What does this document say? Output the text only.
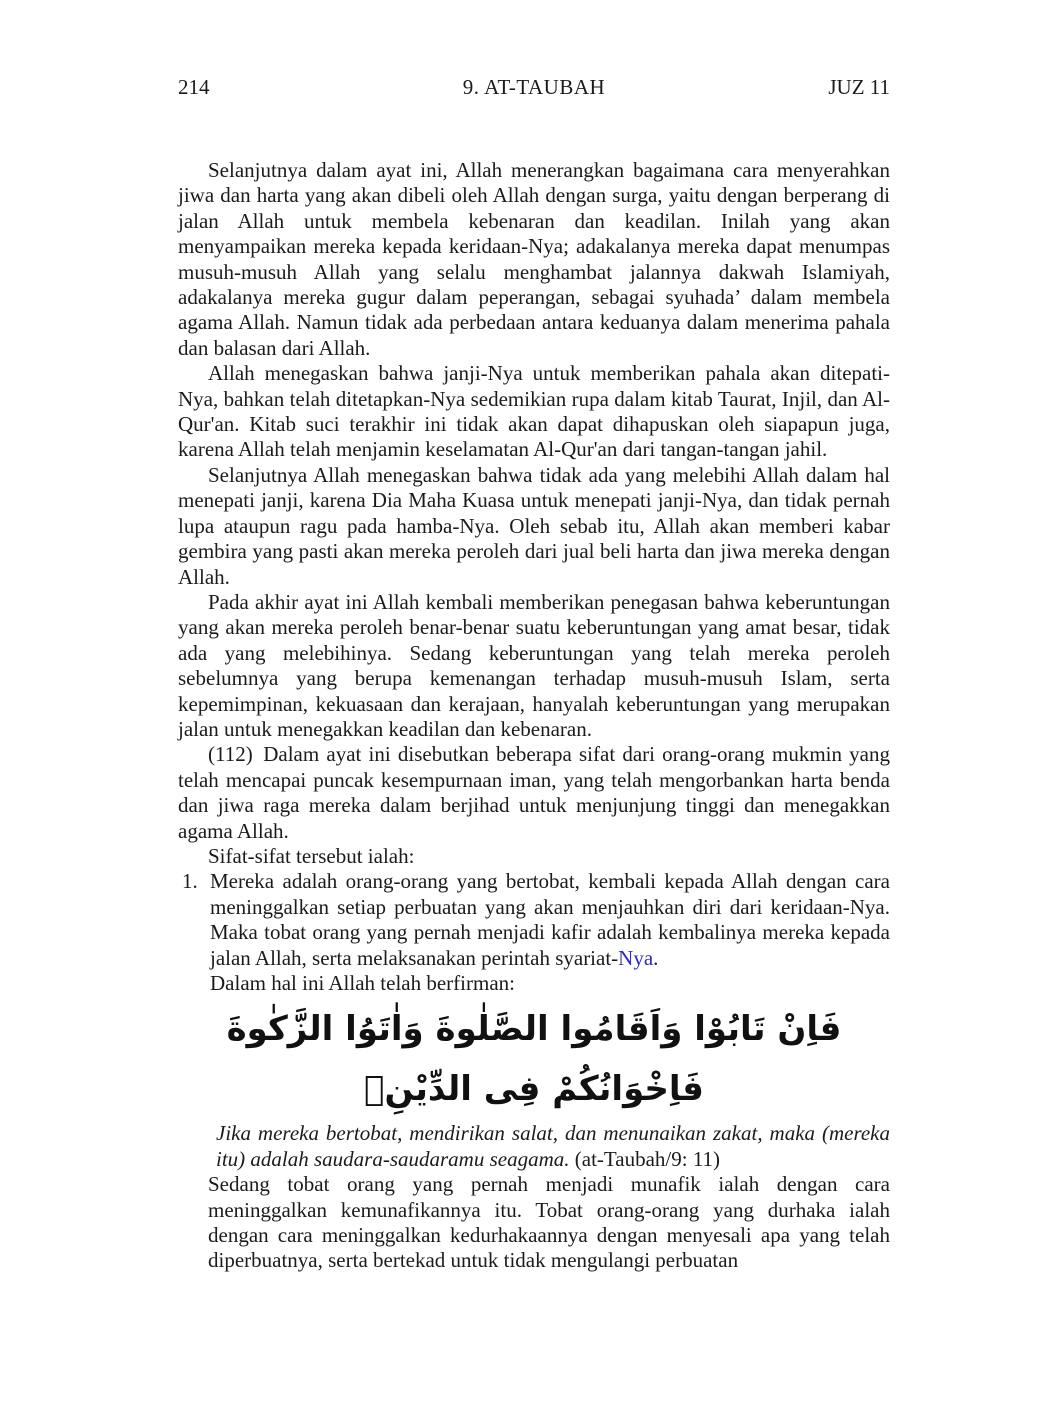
214	9. AT-TAUBAH	JUZ 11

Selanjutnya dalam ayat ini, Allah menerangkan bagaimana cara menyerahkan jiwa dan harta yang akan dibeli oleh Allah dengan surga, yaitu dengan berperang di jalan Allah untuk membela kebenaran dan keadilan. Inilah yang akan menyampaikan mereka kepada keridaan-Nya; adakalanya mereka dapat menumpas musuh-musuh Allah yang selalu menghambat jalannya dakwah Islamiyah, adakalanya mereka gugur dalam peperangan, sebagai syuhada’ dalam membela agama Allah. Namun tidak ada perbedaan antara keduanya dalam menerima pahala dan balasan dari Allah.

Allah menegaskan bahwa janji-Nya untuk memberikan pahala akan ditepati-Nya, bahkan telah ditetapkan-Nya sedemikian rupa dalam kitab Taurat, Injil, dan Al-Qur'an. Kitab suci terakhir ini tidak akan dapat dihapuskan oleh siapapun juga, karena Allah telah menjamin keselamatan Al-Qur'an dari tangan-tangan jahil.

Selanjutnya Allah menegaskan bahwa tidak ada yang melebihi Allah dalam hal menepati janji, karena Dia Maha Kuasa untuk menepati janji-Nya, dan tidak pernah lupa ataupun ragu pada hamba-Nya. Oleh sebab itu, Allah akan memberi kabar gembira yang pasti akan mereka peroleh dari jual beli harta dan jiwa mereka dengan Allah.

Pada akhir ayat ini Allah kembali memberikan penegasan bahwa keberuntungan yang akan mereka peroleh benar-benar suatu keberuntungan yang amat besar, tidak ada yang melebihinya. Sedang keberuntungan yang telah mereka peroleh sebelumnya yang berupa kemenangan terhadap musuh-musuh Islam, serta kepemimpinan, kekuasaan dan kerajaan, hanyalah keberuntungan yang merupakan jalan untuk menegakkan keadilan dan kebenaran.

(112) Dalam ayat ini disebutkan beberapa sifat dari orang-orang mukmin yang telah mencapai puncak kesempurnaan iman, yang telah mengorbankan harta benda dan jiwa raga mereka dalam berjihad untuk menjunjung tinggi dan menegakkan agama Allah.

Sifat-sifat tersebut ialah:

1. Mereka adalah orang-orang yang bertobat, kembali kepada Allah dengan cara meninggalkan setiap perbuatan yang akan menjauhkan diri dari keridaan-Nya. Maka tobat orang yang pernah menjadi kafir adalah kembalinya mereka kepada jalan Allah, serta melaksanakan perintah syariat-Nya.

Dalam hal ini Allah telah berfirman:

فَاِنْ تَابُوْا وَاَقَامُوا الصَّلٰوةَ وَاٰتَوُا الزَّكٰوةَ فَاِخْوَانُكُمْ فِى الدِّيْنِۗ

Jika mereka bertobat, mendirikan salat, dan menunaikan zakat, maka (mereka itu) adalah saudara-saudaramu seagama. (at-Taubah/9: 11)

Sedang tobat orang yang pernah menjadi munafik ialah dengan cara meninggalkan kemunafikannya itu. Tobat orang-orang yang durhaka ialah dengan cara meninggalkan kedurhakaannya dengan menyesali apa yang telah diperbuatnya, serta bertekad untuk tidak mengulangi perbuatan
